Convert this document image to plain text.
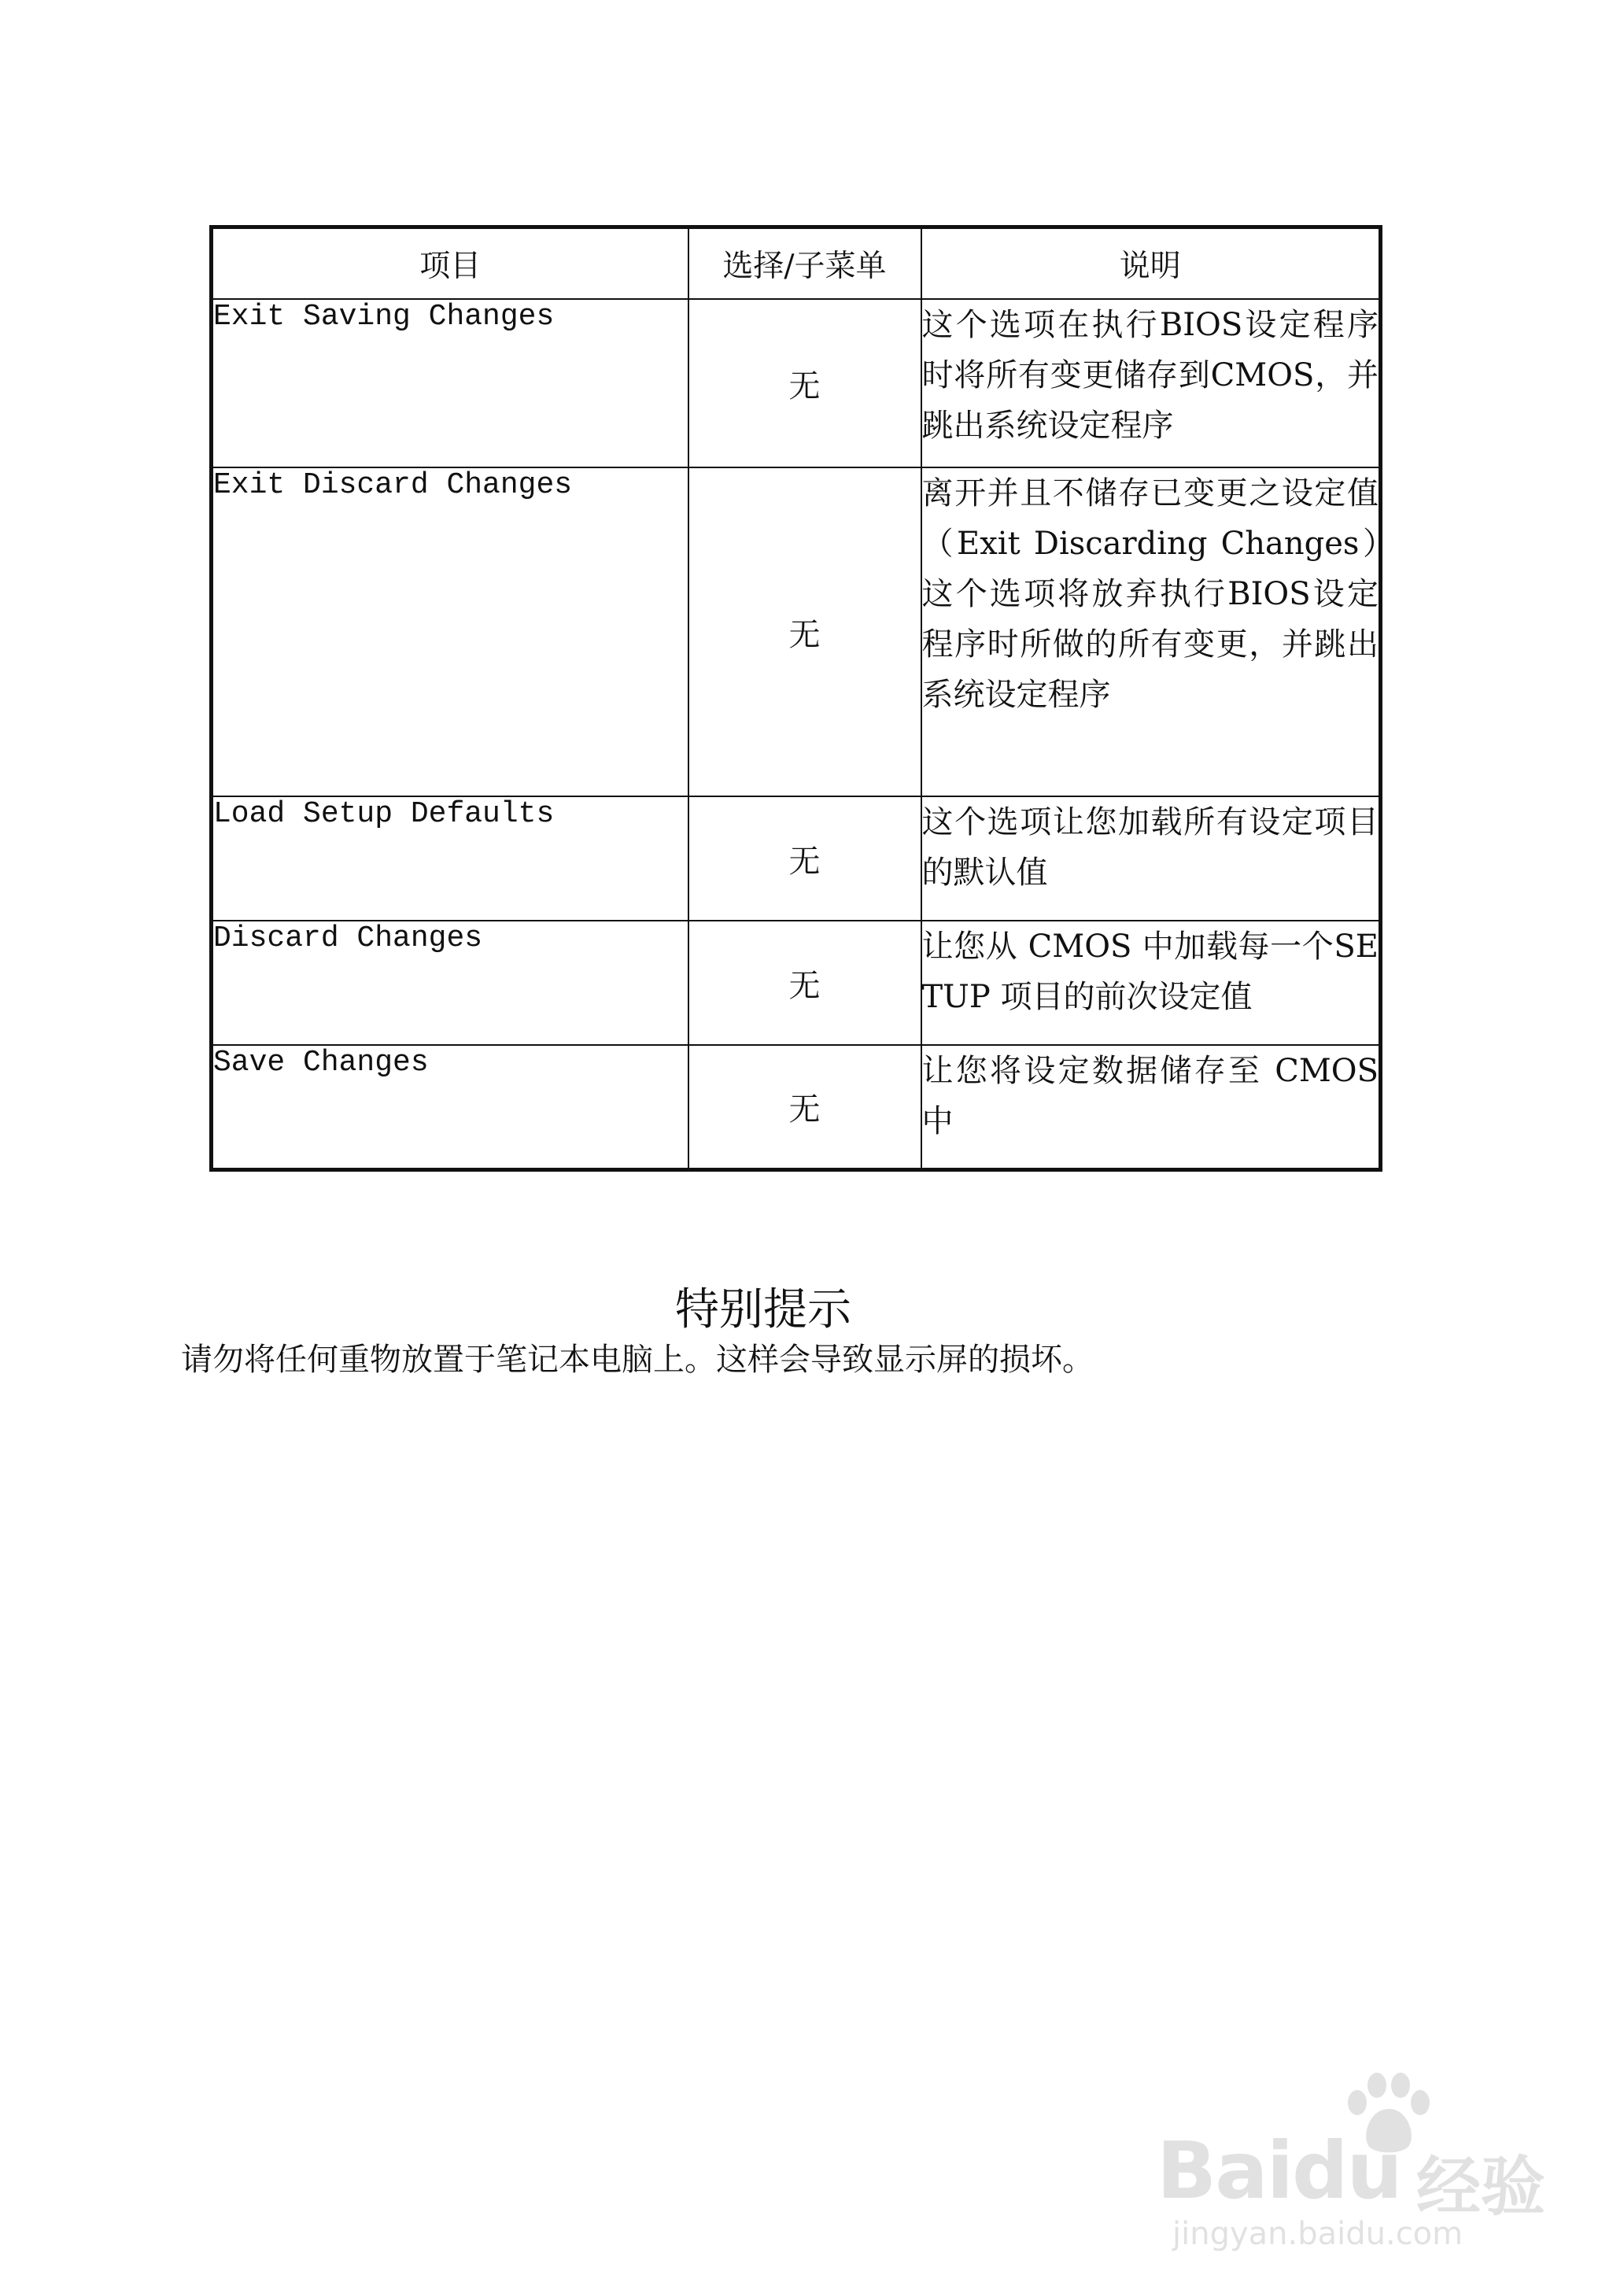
项目	选择/子菜单	说明
Exit Saving Changes	无	这个选项在执行BIOS设定程序时将所有变更储存到CMOS，并跳出系统设定程序
Exit Discard Changes	无	离开并且不储存已变更之设定值（Exit Discarding Changes）这个选项将放弃执行BIOS设定程序时所做的所有变更，并跳出系统设定程序
Load Setup Defaults	无	这个选项让您加载所有设定项目的默认值
Discard Changes	无	让您从 CMOS 中加载每一个SETUP 项目的前次设定值
Save Changes	无	让您将设定数据储存至 CMOS中
特别提示

请勿将任何重物放置于笔记本电脑上。这样会导致显示屏的损坏。

Baidu 经验
jingyan.baidu.com
